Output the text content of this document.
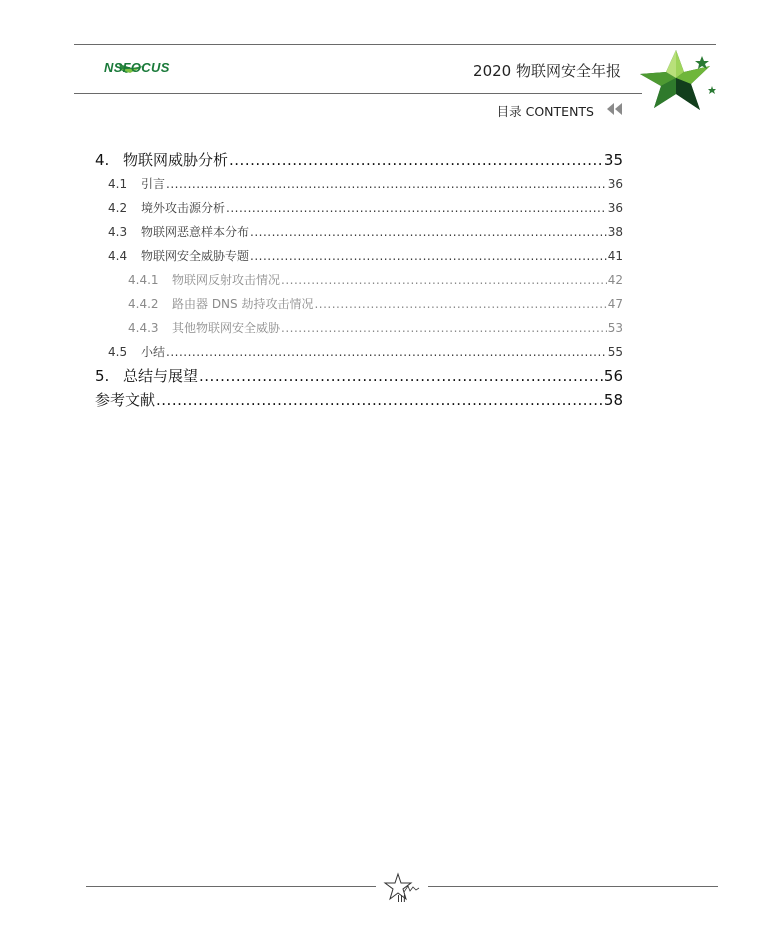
NSFOCUS	2020 物联网安全年报
目录 CONTENTS
4. 物联网威胁分析 .....	35
4.1	引言 .....	36
4.2	境外攻击源分析 .....	36
4.3	物联网恶意样本分布 .....	38
4.4	物联网安全威胁专题 .....	41
4.4.1	物联网反射攻击情况 .....	42
4.4.2	路由器 DNS 劫持攻击情况 .....	47
4.4.3	其他物联网安全威胁 .....	53
4.5	小结 .....	55
5. 总结与展望 .....	56
参考文献 .....	58
III
